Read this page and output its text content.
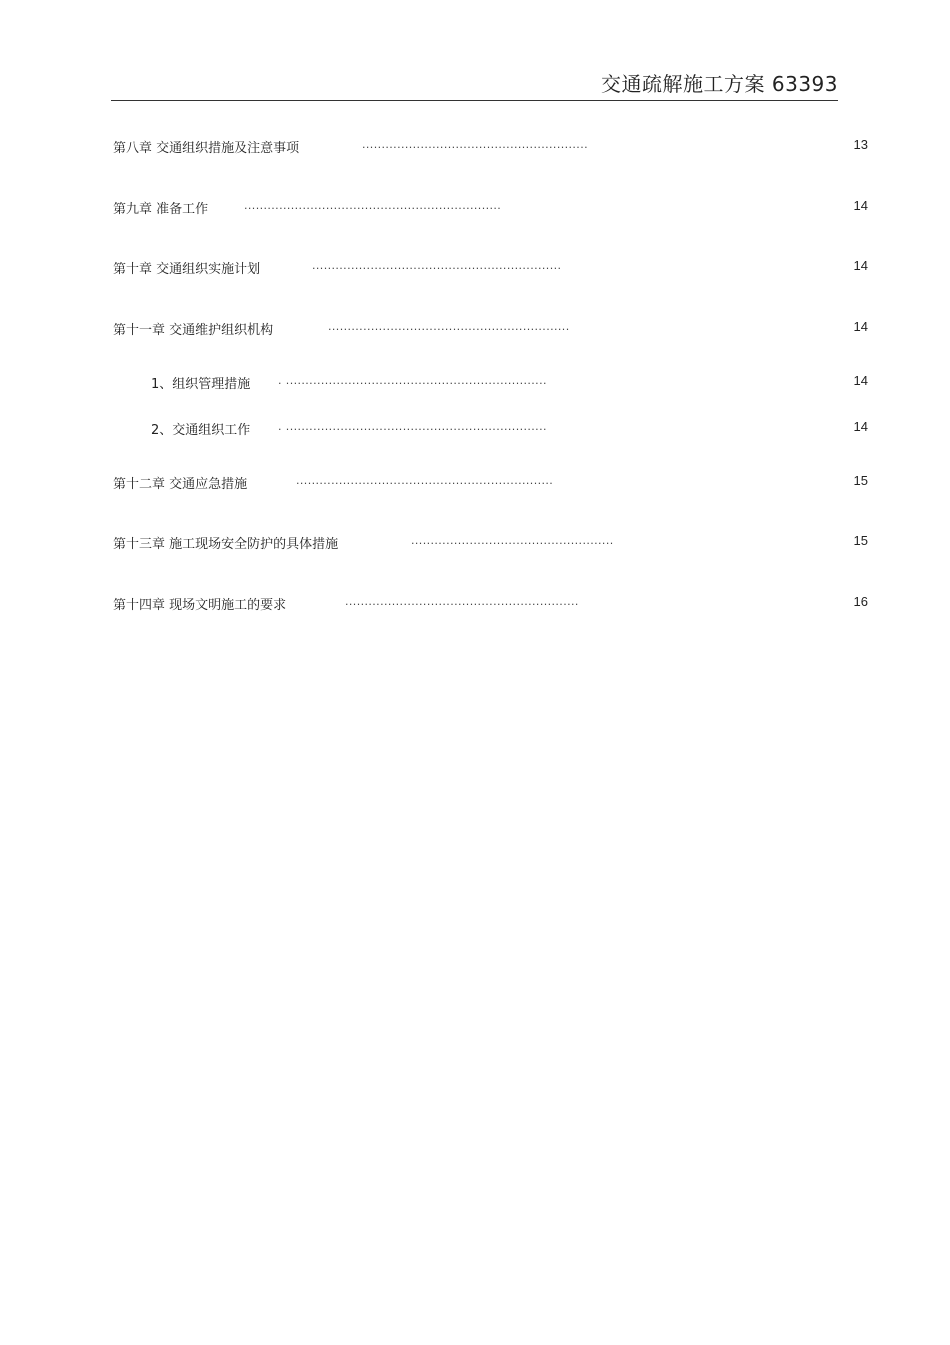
交通疏解施工方案 63393
第八章 交通组织措施及注意事项	..........................................................	13
第九章 准备工作	..................................................................	14
第十章 交通组织实施计划	................................................................	14
第十一章 交通维护组织机构	..............................................................	14
1、组织管理措施	. ...................................................................	14
2、交通组织工作	. ...................................................................	14
第十二章 交通应急措施	..................................................................	15
第十三章 施工现场安全防护的具体措施	....................................................	15
第十四章 现场文明施工的要求	............................................................	16
